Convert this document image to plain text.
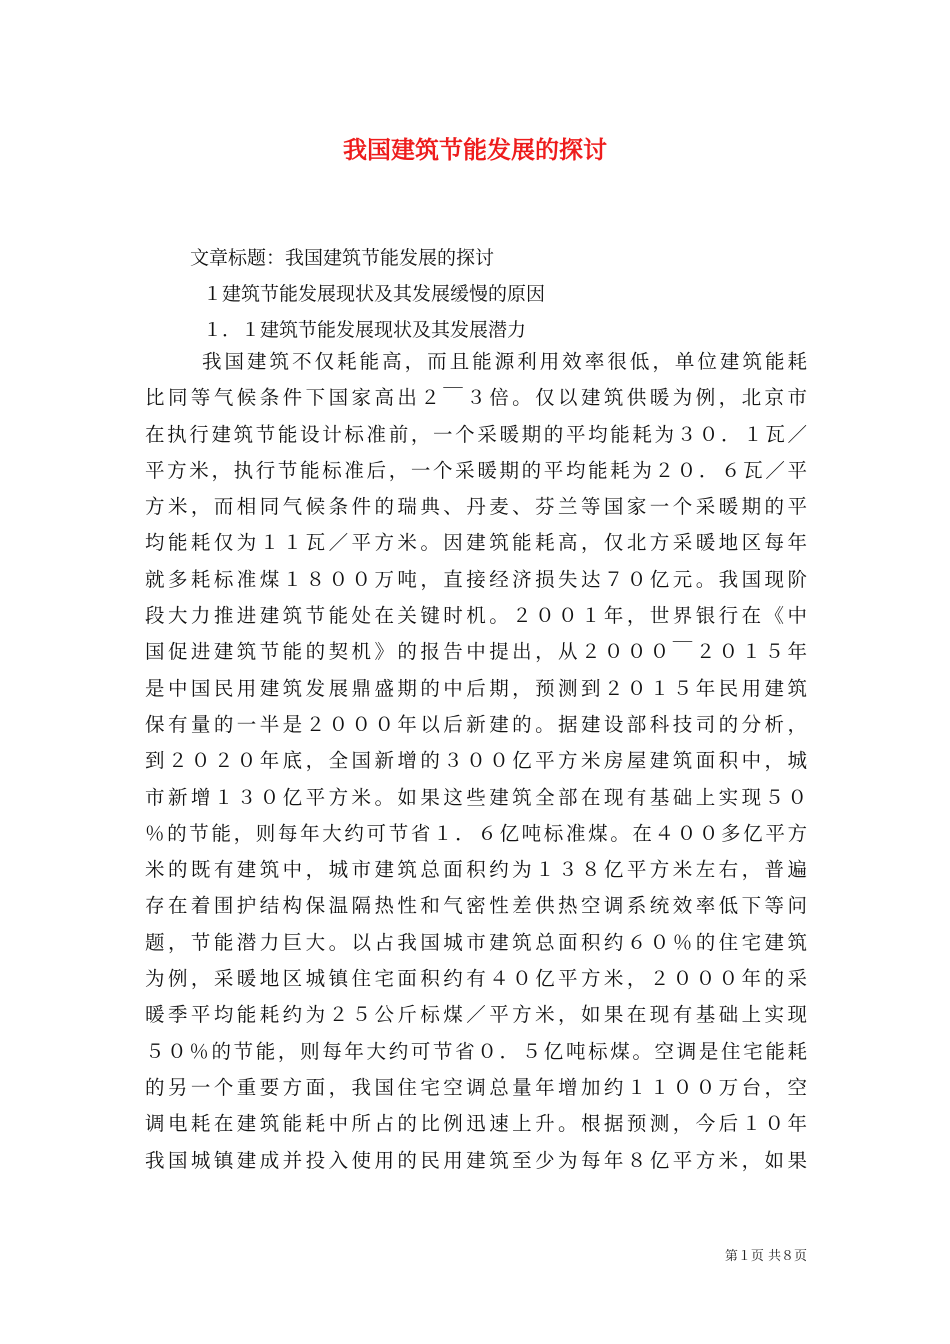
我国建筑节能发展的探讨
文章标题：我国建筑节能发展的探讨
１建筑节能发展现状及其发展缓慢的原因
１．１建筑节能发展现状及其发展潜力
我国建筑不仅耗能高，而且能源利用效率很低，单位建筑能耗
比同等气候条件下国家高出２￣３倍。仅以建筑供暖为例，北京市
在执行建筑节能设计标准前，一个采暖期的平均能耗为３０．１瓦／
平方米，执行节能标准后，一个采暖期的平均能耗为２０．６瓦／平
方米，而相同气候条件的瑞典、丹麦、芬兰等国家一个采暖期的平
均能耗仅为１１瓦／平方米。因建筑能耗高，仅北方采暖地区每年
就多耗标准煤１８００万吨，直接经济损失达７０亿元。我国现阶
段大力推进建筑节能处在关键时机。２００１年，世界银行在《中
国促进建筑节能的契机》的报告中提出，从２０００￣２０１５年
是中国民用建筑发展鼎盛期的中后期，预测到２０１５年民用建筑
保有量的一半是２０００年以后新建的。据建设部科技司的分析，
到２０２０年底，全国新增的３００亿平方米房屋建筑面积中，城
市新增１３０亿平方米。如果这些建筑全部在现有基础上实现５０
％的节能，则每年大约可节省１．６亿吨标准煤。在４００多亿平方
米的既有建筑中，城市建筑总面积约为１３８亿平方米左右，普遍
存在着围护结构保温隔热性和气密性差供热空调系统效率低下等问
题，节能潜力巨大。以占我国城市建筑总面积约６０％的住宅建筑
为例，采暖地区城镇住宅面积约有４０亿平方米，２０００年的采
暖季平均能耗约为２５公斤标煤／平方米，如果在现有基础上实现
５０％的节能，则每年大约可节省０．５亿吨标煤。空调是住宅能耗
的另一个重要方面，我国住宅空调总量年增加约１１００万台，空
调电耗在建筑能耗中所占的比例迅速上升。根据预测，今后１０年
我国城镇建成并投入使用的民用建筑至少为每年８亿平方米，如果
第１页 共８页
